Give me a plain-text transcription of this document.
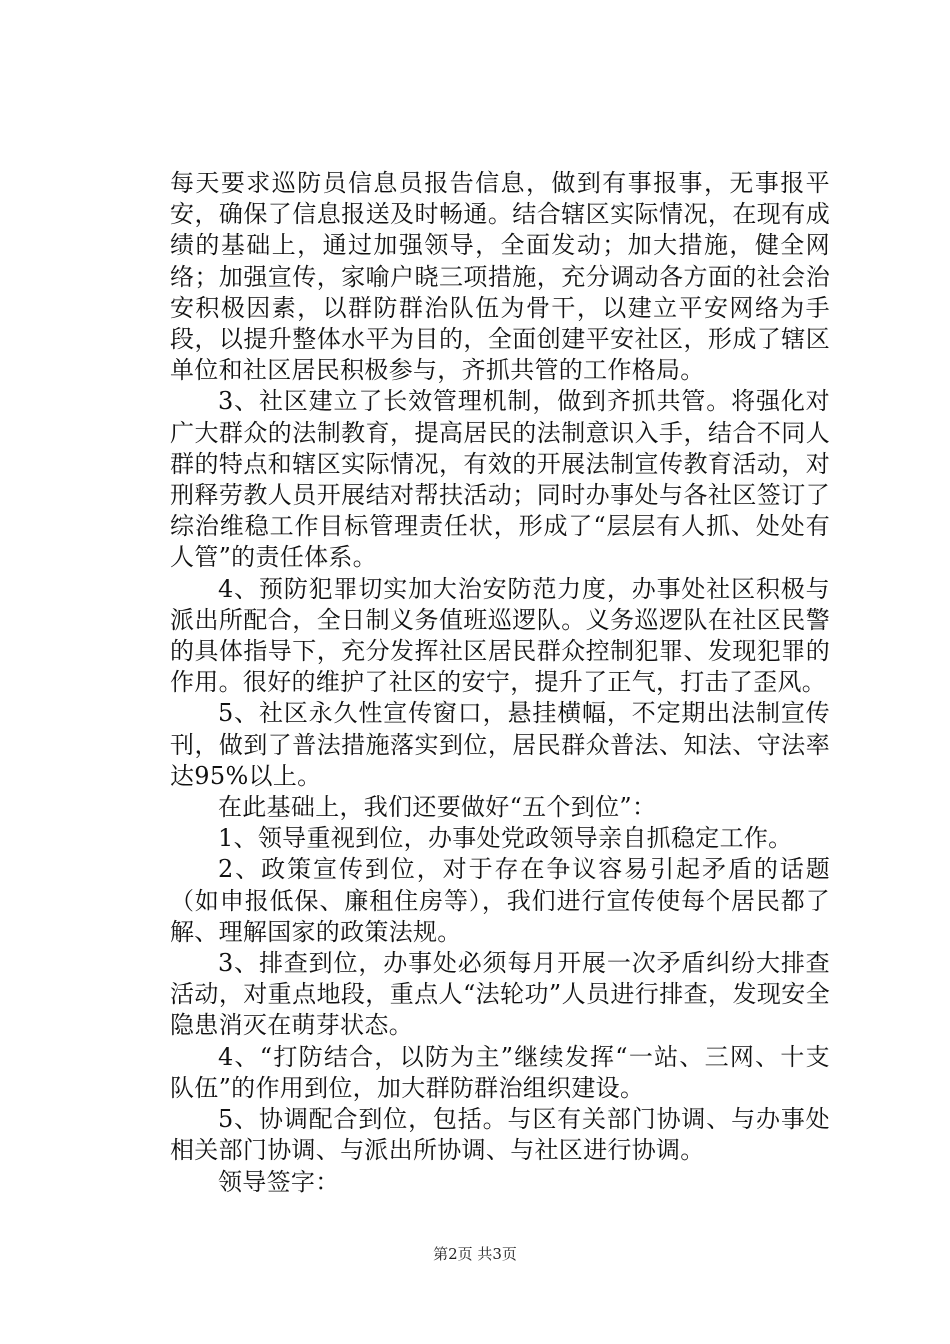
每天要求巡防员信息员报告信息，做到有事报事，无事报平安，确保了信息报送及时畅通。结合辖区实际情况，在现有成绩的基础上，通过加强领导，全面发动；加大措施，健全网络；加强宣传，家喻户晓三项措施，充分调动各方面的社会治安积极因素，以群防群治队伍为骨干，以建立平安网络为手段，以提升整体水平为目的，全面创建平安社区，形成了辖区单位和社区居民积极参与，齐抓共管的工作格局。

3、社区建立了长效管理机制，做到齐抓共管。将强化对广大群众的法制教育，提高居民的法制意识入手，结合不同人群的特点和辖区实际情况，有效的开展法制宣传教育活动，对刑释劳教人员开展结对帮扶活动；同时办事处与各社区签订了综治维稳工作目标管理责任状，形成了“层层有人抓、处处有人管”的责任体系。

4、预防犯罪切实加大治安防范力度，办事处社区积极与派出所配合，全日制义务值班巡逻队。义务巡逻队在社区民警的具体指导下，充分发挥社区居民群众控制犯罪、发现犯罪的作用。很好的维护了社区的安宁，提升了正气，打击了歪风。

5、社区永久性宣传窗口，悬挂横幅，不定期出法制宣传刊，做到了普法措施落实到位，居民群众普法、知法、守法率达95%以上。

在此基础上，我们还要做好“五个到位”：

1、领导重视到位，办事处党政领导亲自抓稳定工作。

2、政策宣传到位，对于存在争议容易引起矛盾的话题（如申报低保、廉租住房等），我们进行宣传使每个居民都了解、理解国家的政策法规。

3、排查到位，办事处必须每月开展一次矛盾纠纷大排查活动，对重点地段，重点人“法轮功”人员进行排查，发现安全隐患消灭在萌芽状态。

4、“打防结合，以防为主”继续发挥“一站、三网、十支队伍”的作用到位，加大群防群治组织建设。

5、协调配合到位，包括。与区有关部门协调、与办事处相关部门协调、与派出所协调、与社区进行协调。

领导签字：

第2页 共3页
